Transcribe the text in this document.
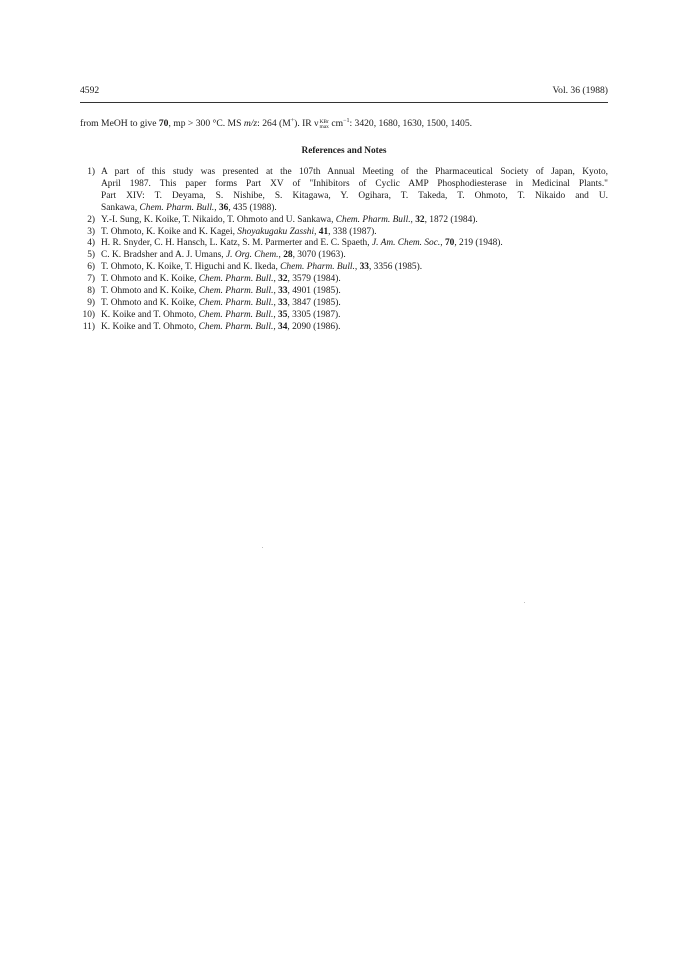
4592	Vol. 36 (1988)
from MeOH to give 70, mp > 300 °C. MS m/z: 264 (M+). IR ν KBr
$\max cm^{-1}$: 3420, 1680, 1630, 1500, 1405.
References and Notes
1) A part of this study was presented at the 107th Annual Meeting of the Pharmaceutical Society of Japan, Kyoto,
April 1987. This paper forms Part XV of "Inhibitors of Cyclic AMP Phosphodiesterase in Medicinal Plants."
Part XIV: T. Deyama, S. Nishibe, S. Kitagawa, Y. Ogihara, T. Takeda, T. Ohmoto, T. Nikaido and U.
Sankawa, Chem. Pharm. Bull., 36, 435 (1988).
2) Y.-I. Sung, K. Koike, T. Nikaido, T. Ohmoto and U. Sankawa, Chem. Pharm. Bull., 32, 1872 (1984).
3) T. Ohmoto, K. Koike and K. Kagei, Shoyakugaku Zasshi, 41, 338 (1987).
4) H. R. Snyder, C. H. Hansch, L. Katz, S. M. Parmerter and E. C. Spaeth, J. Am. Chem. Soc., 70, 219 (1948).
5) C. K. Bradsher and A. J. Umans, J. Org. Chem., 28, 3070 (1963).
6) T. Ohmoto, K. Koike, T. Higuchi and K. Ikeda, Chem. Pharm. Bull., 33, 3356 (1985).
7) T. Ohmoto and K. Koike, Chem. Pharm. Bull., 32, 3579 (1984).
8) T. Ohmoto and K. Koike, Chem. Pharm. Bull., 33, 4901 (1985).
9) T. Ohmoto and K. Koike, Chem. Pharm. Bull., 33, 3847 (1985).
10) K. Koike and T. Ohmoto, Chem. Pharm. Bull., 35, 3305 (1987).
11) K. Koike and T. Ohmoto, Chem. Pharm. Bull., 34, 2090 (1986).
